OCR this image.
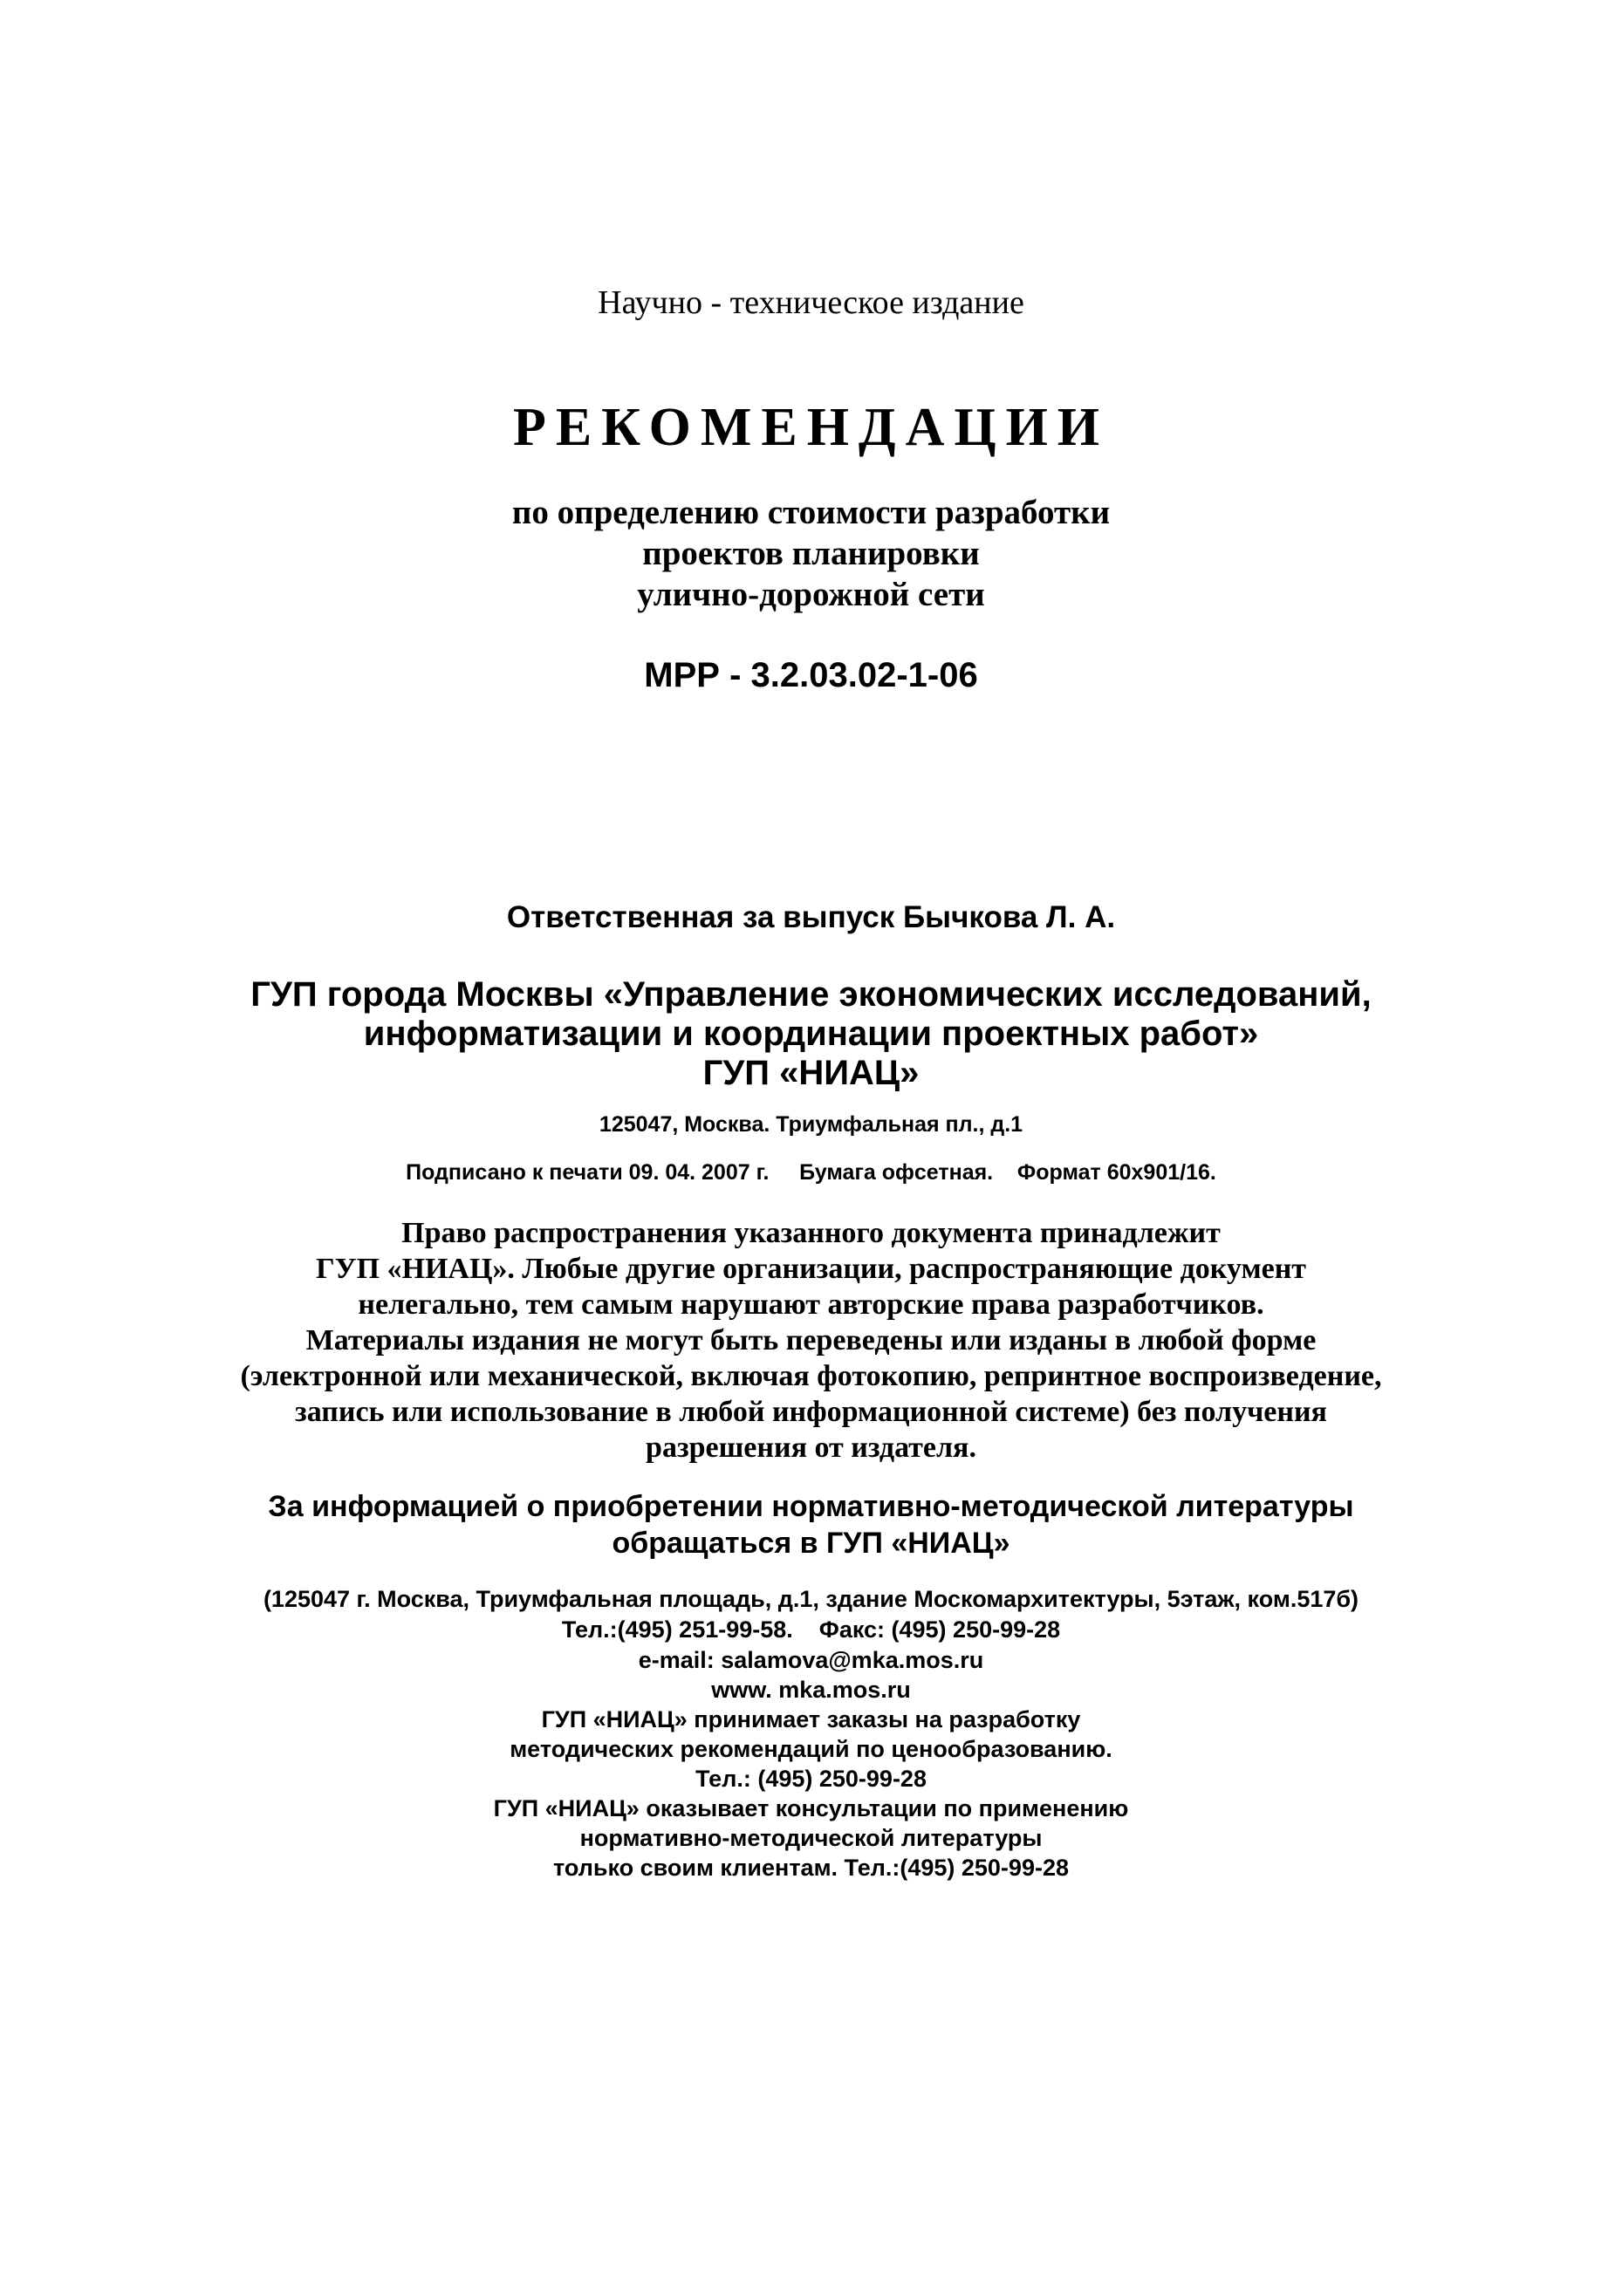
Научно - техническое издание

РЕКОМЕНДАЦИИ

по определению стоимости разработки

проектов планировки

улично-дорожной сети

МРР - 3.2.03.02-1-06

Ответственная за выпуск Бычкова Л. А.

ГУП города Москвы «Управление экономических исследований,

информатизации и координации проектных работ»

ГУП «НИАЦ»

125047, Москва. Триумфальная пл., д.1

Подписано к печати 09. 04. 2007 г.     Бумага офсетная.    Формат 60х901/16.

Право распространения указанного документа принадлежит

ГУП «НИАЦ». Любые другие организации, распространяющие документ

нелегально, тем самым нарушают авторские права разработчиков.

Материалы издания не могут быть переведены или изданы в любой форме

(электронной или механической, включая фотокопию, репринтное воспроизведение,

запись или использование в любой информационной системе) без получения

разрешения от издателя.

За информацией о приобретении нормативно-методической литературы

обращаться в ГУП «НИАЦ»

(125047 г. Москва, Триумфальная площадь, д.1, здание Москомархитектуры, 5этаж, ком.517б)

Тел.:(495) 251-99-58.    Факс: (495) 250-99-28

e-mail: salamova@mka.mos.ru

www. mka.mos.ru

ГУП «НИАЦ» принимает заказы на разработку

методических рекомендаций по ценообразованию.

Тел.: (495) 250-99-28

ГУП «НИАЦ» оказывает консультации по применению

нормативно-методической литературы

только своим клиентам. Тел.:(495) 250-99-28
